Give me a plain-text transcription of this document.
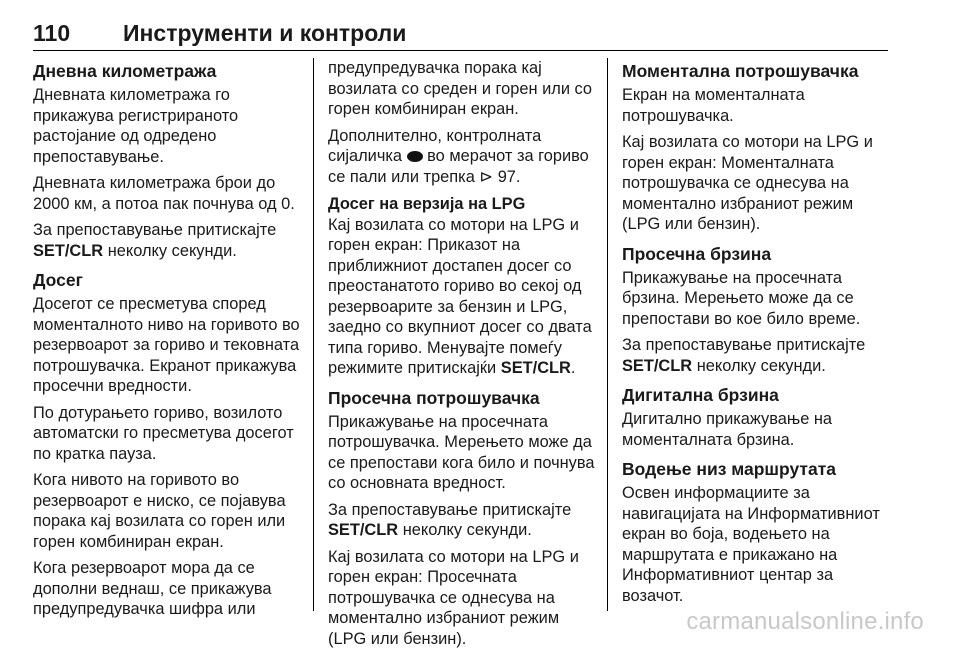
110 Инструменти и контроли
Дневна километража

Дневната километража го прикажува регистрираното растојание од одредено препоставување.

Дневната километража брои до 2000 км, а потоа пак почнува од 0.

За препоставување притискајте SET/CLR неколку секунди.

Досег

Досегот се пресметува според моменталното ниво на горивото во резервоарот за гориво и тековната потрошувачка. Екранот прикажува просечни вредности.

По дотурањето гориво, возилото автоматски го пресметува досегот по кратка пауза.

Кога нивото на горивото во резервоарот е ниско, се појавува порака кај возилата со горен или горен комбиниран екран.

Кога резервоарот мора да се дополни веднаш, се прикажува предупредувачка шифра или

предупредувачка порака кај возилата со среден и горен или со горен комбиниран екран.

Дополнително, контролната сијаличка во мерачот за гориво се пали или трепка ⊳ 97.

Досег на верзија на LPG

Кај возилата со мотори на LPG и горен екран: Приказот на приближниот достапен досег со преостанатото гориво во секој од резервоарите за бензин и LPG, заедно со вкупниот досег со двата типа гориво. Менувајте помеѓу режимите притискајќи SET/CLR.

Просечна потрошувачка

Прикажување на просечната потрошувачка. Мерењето може да се препостави кога било и почнува со основната вредност.

За препоставување притискајте SET/CLR неколку секунди.

Кај возилата со мотори на LPG и горен екран: Просечната потрошувачка се однесува на моментално избраниот режим (LPG или бензин).

Моментална потрошувачка

Екран на моменталната потрошувачка.

Кај возилата со мотори на LPG и горен екран: Моменталната потрошувачка се однесува на моментално избраниот режим (LPG или бензин).

Просечна брзина

Прикажување на просечната брзина. Мерењето може да се препостави во кое било време.

За препоставување притискајте SET/CLR неколку секунди.

Дигитална брзина

Дигитално прикажување на моменталната брзина.

Водење низ маршрутата

Освен информациите за навигацијата на Информативниот екран во боја, водењето на маршрутата е прикажано на Информативниот центар за возачот.

carmanualsonline.info
